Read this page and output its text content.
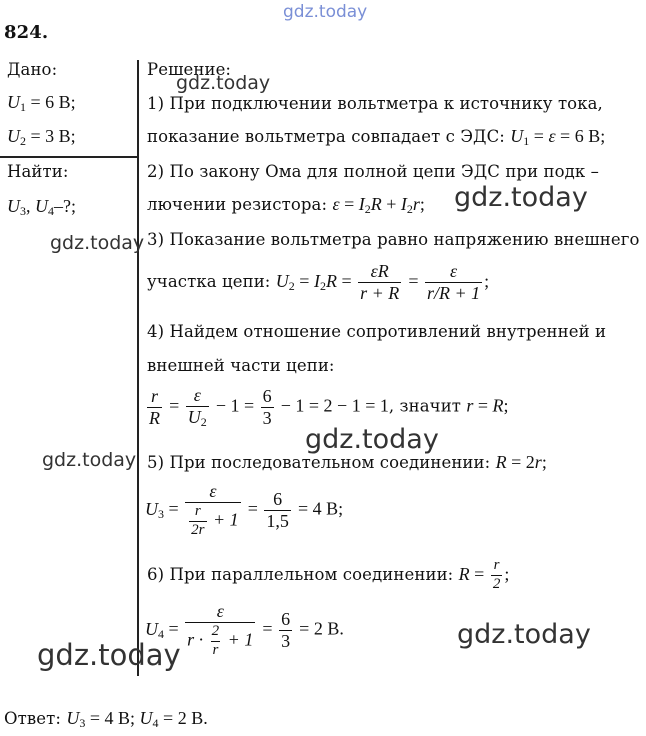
gdz.today
824.
Дано:
$U_1 = 6$ В;
$U_2 = 3$ В;
Найти:
$U_3$, $U_4-$?;
Решение:
1) При подключении вольтметра к источнику тока,
показание вольтметра совпадает с ЭДС: $U_1 = \varepsilon = 6$ В;
2) По закону Ома для полной цепи ЭДС при подк –
лючении резистора: $\varepsilon = I_2R + I_2r$;
3) Показание вольтметра равно напряжению внешнего
участка цепи: $U_2 = I_2R = \frac{\varepsilon R}{r + R} = \frac{\varepsilon}{r/R + 1}$ ;
4) Найдем отношение сопротивлений внутренней и
внешней части цепи:
$\frac{r}{R} = \frac{\varepsilon}{U_2} - 1 = \frac{6}{3} - 1 = 2 - 1 = 1$, значит r = R;
5) При последовательном соединении: R = 2r;
$U_3 = \frac{\varepsilon}{\frac{r}{2r} + 1} = \frac{6}{1,5} = 4$ В;
6) При параллельном соединении: $R = \frac{r}{2}$ ;
$U_4 = \frac{\varepsilon}{r \cdot \frac{2}{r} + 1} = \frac{6}{3} = 2$ В.
Ответ: $U_3 = 4$ В; $U_4 = 2$ В.
gdz.today
gdz.today
gdz.today
gdz.today
gdz.today
gdz.today
gdz.today
